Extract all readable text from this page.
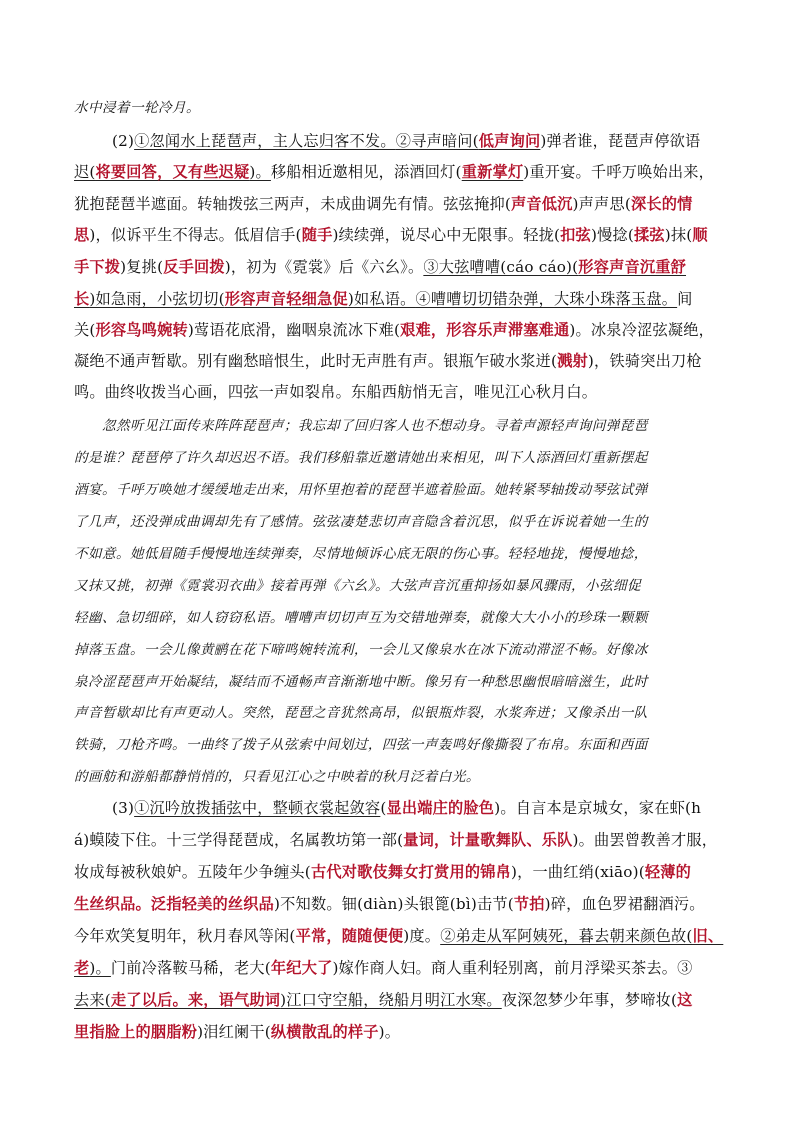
水中浸着一轮冷月。
(2)①忽闻水上琵琶声，主人忘归客不发。②寻声暗问(低声询问)弹者谁，琵琶声停欲语
迟(将要回答，又有些迟疑)。移船相近邀相见，添酒回灯(重新掌灯)重开宴。千呼万唤始出来，
犹抱琵琶半遮面。转轴拨弦三两声，未成曲调先有情。弦弦掩抑(声音低沉)声声思(深长的情
思)，似诉平生不得志。低眉信手(随手)续续弹，说尽心中无限事。轻拢(扣弦)慢捻(揉弦)抹(顺
手下拨)复挑(反手回拨)，初为《霓裳》后《六幺》。③大弦嘈嘈(cáo cáo)(形容声音沉重舒
长)如急雨，小弦切切(形容声音轻细急促)如私语。④嘈嘈切切错杂弹，大珠小珠落玉盘。间
关(形容鸟鸣婉转)莺语花底滑，幽咽泉流冰下难(艰难，形容乐声滞塞难通)。冰泉冷涩弦凝绝，
凝绝不通声暂歇。别有幽愁暗恨生，此时无声胜有声。银瓶乍破水浆迸(溅射)，铁骑突出刀枪
鸣。曲终收拨当心画，四弦一声如裂帛。东船西舫悄无言，唯见江心秋月白。
忽然听见江面传来阵阵琵琶声；我忘却了回归客人也不想动身。寻着声源轻声询问弹琵琶
的是谁？琵琶停了许久却迟迟不语。我们移船靠近邀请她出来相见，叫下人添酒回灯重新摆起
酒宴。千呼万唤她才缓缓地走出来，用怀里抱着的琵琶半遮着脸面。她转紧琴轴拨动琴弦试弹
了几声，还没弹成曲调却先有了感情。弦弦凄楚悲切声音隐含着沉思，似乎在诉说着她一生的
不如意。她低眉随手慢慢地连续弹奏，尽情地倾诉心底无限的伤心事。轻轻地拢，慢慢地捻，
又抹又挑，初弹《霓裳羽衣曲》接着再弹《六幺》。大弦声音沉重抑扬如暴风骤雨，小弦细促
轻幽、急切细碎，如人窃窃私语。嘈嘈声切切声互为交错地弹奏，就像大大小小的珍珠一颗颗
掉落玉盘。一会儿像黄鹂在花下啼鸣婉转流利，一会儿又像泉水在冰下流动滞涩不畅。好像冰
泉冷涩琵琶声开始凝结，凝结而不通畅声音渐渐地中断。像另有一种愁思幽恨暗暗滋生，此时
声音暂歇却比有声更动人。突然，琵琶之音犹然高昂，似银瓶炸裂，水浆奔迸；又像杀出一队
铁骑，刀枪齐鸣。一曲终了拨子从弦索中间划过，四弦一声轰鸣好像撕裂了布帛。东面和西面
的画舫和游船都静悄悄的，只看见江心之中映着的秋月泛着白光。
(3)①沉吟放拨插弦中，整顿衣裳起敛容(显出端庄的脸色)。自言本是京城女，家在虾(h
á)蟆陵下住。十三学得琵琶成，名属教坊第一部(量词，计量歌舞队、乐队)。曲罢曾教善才服，
妆成每被秋娘妒。五陵年少争缠头(古代对歌伎舞女打赏用的锦帛)，一曲红绡(xiāo)(轻薄的
生丝织品。泛指轻美的丝织品)不知数。钿(diàn)头银篦(bì)击节(节拍)碎，血色罗裙翻酒污。
今年欢笑复明年，秋月春风等闲(平常，随随便便)度。②弟走从军阿姨死，暮去朝来颜色故(旧、
老)。门前冷落鞍马稀，老大(年纪大了)嫁作商人妇。商人重利轻别离，前月浮梁买茶去。③
去来(走了以后。来，语气助词)江口守空船，绕船月明江水寒。夜深忽梦少年事，梦啼妆(这
里指脸上的胭脂粉)泪红阑干(纵横散乱的样子)。
